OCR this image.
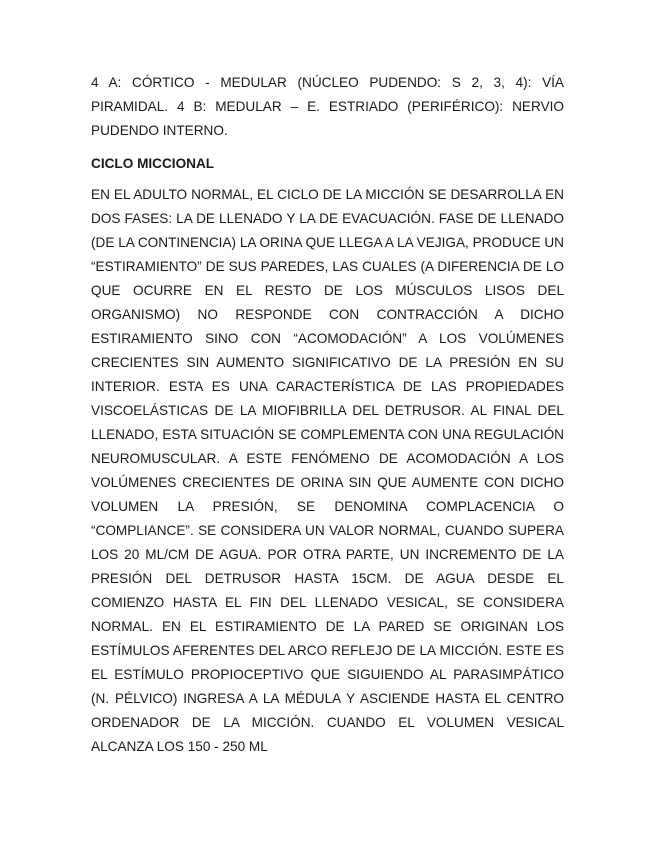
4 A: CÓRTICO - MEDULAR (NÚCLEO PUDENDO: S 2, 3, 4): VÍA PIRAMIDAL. 4 B: MEDULAR – E. ESTRIADO (PERIFÉRICO): NERVIO PUDENDO INTERNO.

CICLO MICCIONAL

EN EL ADULTO NORMAL, EL CICLO DE LA MICCIÓN SE DESARROLLA EN DOS FASES: LA DE LLENADO Y LA DE EVACUACIÓN. FASE DE LLENADO (DE LA CONTINENCIA) LA ORINA QUE LLEGA A LA VEJIGA, PRODUCE UN “ESTIRAMIENTO” DE SUS PAREDES, LAS CUALES (A DIFERENCIA DE LO QUE OCURRE EN EL RESTO DE LOS MÚSCULOS LISOS DEL ORGANISMO) NO RESPONDE CON CONTRACCIÓN A DICHO ESTIRAMIENTO SINO CON “ACOMODACIÓN” A LOS VOLÚMENES CRECIENTES SIN AUMENTO SIGNIFICATIVO DE LA PRESIÓN EN SU INTERIOR. ESTA ES UNA CARACTERÍSTICA DE LAS PROPIEDADES VISCOELÁSTICAS DE LA MIOFIBRILLA DEL DETRUSOR. AL FINAL DEL LLENADO, ESTA SITUACIÓN SE COMPLEMENTA CON UNA REGULACIÓN NEUROMUSCULAR. A ESTE FENÓMENO DE ACOMODACIÓN A LOS VOLÚMENES CRECIENTES DE ORINA SIN QUE AUMENTE CON DICHO VOLUMEN LA PRESIÓN, SE DENOMINA COMPLACENCIA O “COMPLIANCE”. SE CONSIDERA UN VALOR NORMAL, CUANDO SUPERA LOS 20 ML/CM DE AGUA. POR OTRA PARTE, UN INCREMENTO DE LA PRESIÓN DEL DETRUSOR HASTA 15CM. DE AGUA DESDE EL COMIENZO HASTA EL FIN DEL LLENADO VESICAL, SE CONSIDERA NORMAL. EN EL ESTIRAMIENTO DE LA PARED SE ORIGINAN LOS ESTÍMULOS AFERENTES DEL ARCO REFLEJO DE LA MICCIÓN. ESTE ES EL ESTÍMULO PROPIOCEPTIVO QUE SIGUIENDO AL PARASIMPÁTICO (N. PÉLVICO) INGRESA A LA MÉDULA Y ASCIENDE HASTA EL CENTRO ORDENADOR DE LA MICCIÓN. CUANDO EL VOLUMEN VESICAL ALCANZA LOS 150 - 250 ML
